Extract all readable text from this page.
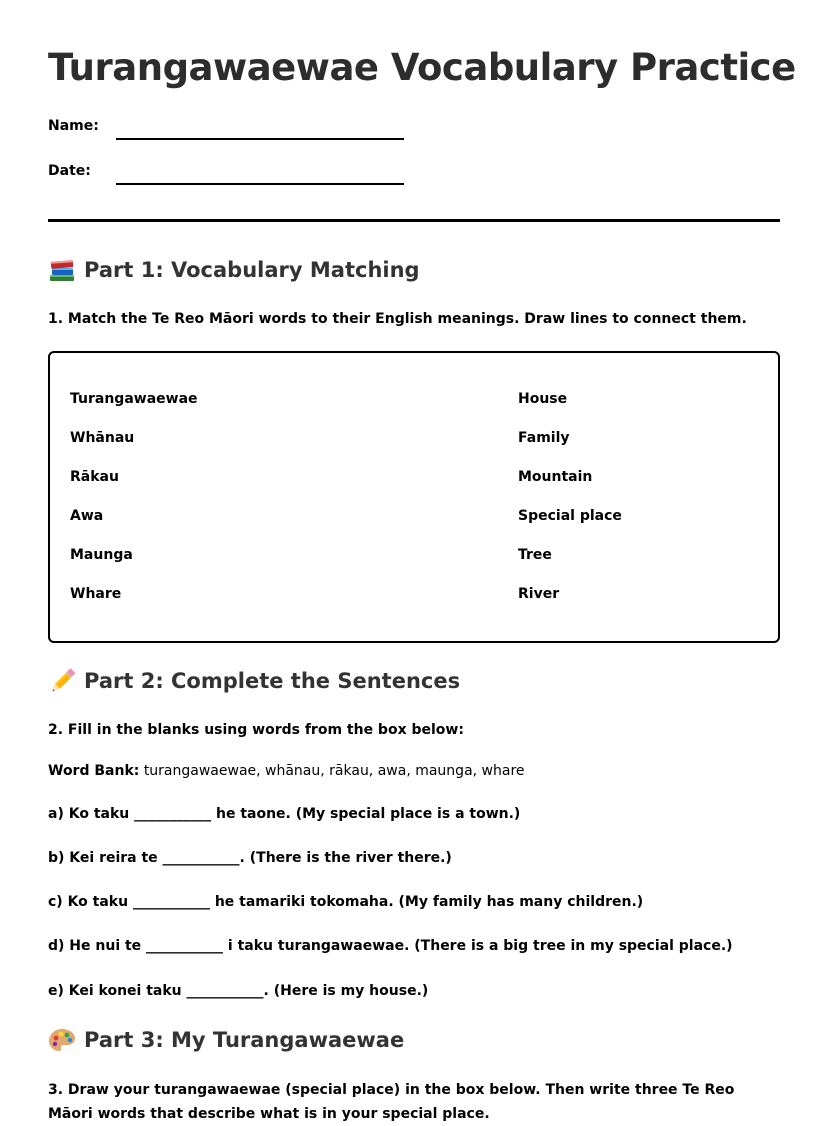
Turangawaewae Vocabulary Practice
Name:
Date:
Part 1: Vocabulary Matching
1. Match the Te Reo Māori words to their English meanings. Draw lines to connect them.
Turangawaewae
Whānau
Rākau
Awa
Maunga
Whare
House
Family
Mountain
Special place
Tree
River
Part 2: Complete the Sentences
2. Fill in the blanks using words from the box below:
Word Bank: turangawaewae, whānau, rākau, awa, maunga, whare
a) Ko taku ___________ he taone. (My special place is a town.)
b) Kei reira te ___________. (There is the river there.)
c) Ko taku ___________ he tamariki tokomaha. (My family has many children.)
d) He nui te ___________ i taku turangawaewae. (There is a big tree in my special place.)
e) Kei konei taku ___________. (Here is my house.)
Part 3: My Turangawaewae
3. Draw your turangawaewae (special place) in the box below. Then write three Te Reo Māori words that describe what is in your special place.
